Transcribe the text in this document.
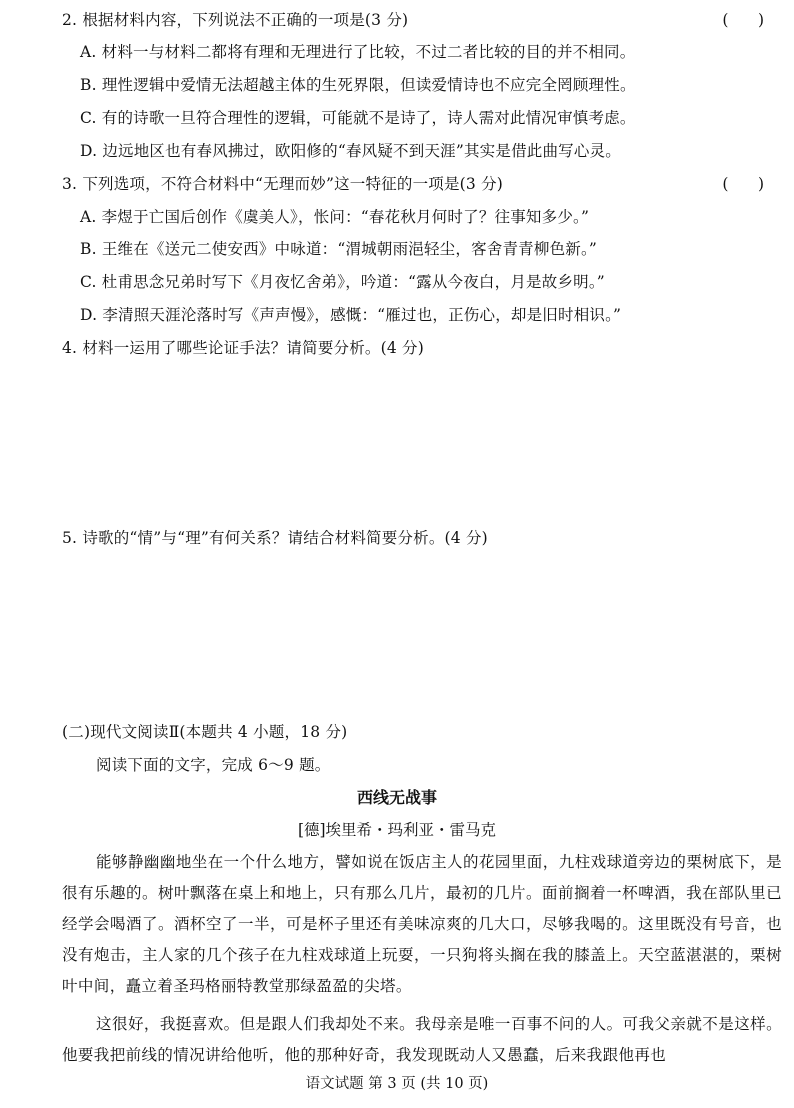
2. 根据材料内容，下列说法不正确的一项是(3 分)	(      )
A. 材料一与材料二都将有理和无理进行了比较，不过二者比较的目的并不相同。
B. 理性逻辑中爱情无法超越主体的生死界限，但读爱情诗也不应完全罔顾理性。
C. 有的诗歌一旦符合理性的逻辑，可能就不是诗了，诗人需对此情况审慎考虑。
D. 边远地区也有春风拂过，欧阳修的“春风疑不到天涯”其实是借此曲写心灵。
3. 下列选项，不符合材料中“无理而妙”这一特征的一项是(3 分)	(      )
A. 李煜于亡国后创作《虞美人》，怅问：“春花秋月何时了？往事知多少。”
B. 王维在《送元二使安西》中咏道：“渭城朝雨浥轻尘，客舍青青柳色新。”
C. 杜甫思念兄弟时写下《月夜忆舍弟》，吟道：“露从今夜白，月是故乡明。”
D. 李清照天涯沦落时写《声声慢》，感慨：“雁过也，正伤心，却是旧时相识。”
4. 材料一运用了哪些论证手法？请简要分析。(4 分)
5. 诗歌的“情”与“理”有何关系？请结合材料简要分析。(4 分)
(二)现代文阅读Ⅱ(本题共 4 小题，18 分)
阅读下面的文字，完成 6～9 题。
西线无战事
[德]埃里希・玛利亚・雷马克
能够静幽幽地坐在一个什么地方，譬如说在饭店主人的花园里面，九柱戏球道旁边的栗树底下，是很有乐趣的。树叶飘落在桌上和地上，只有那么几片，最初的几片。面前搁着一杯啤酒，我在部队里已经学会喝酒了。酒杯空了一半，可是杯子里还有美味凉爽的几大口，尽够我喝的。这里既没有号音，也没有炮击，主人家的几个孩子在九柱戏球道上玩耍，一只狗将头搁在我的膝盖上。天空蓝湛湛的，栗树叶中间，矗立着圣玛格丽特教堂那绿盈盈的尖塔。
这很好，我挺喜欢。但是跟人们我却处不来。我母亲是唯一百事不问的人。可我父亲就不是这样。他要我把前线的情况讲给他听，他的那种好奇，我发现既动人又愚蠢，后来我跟他再也
语文试题 第 3 页 (共 10 页)
